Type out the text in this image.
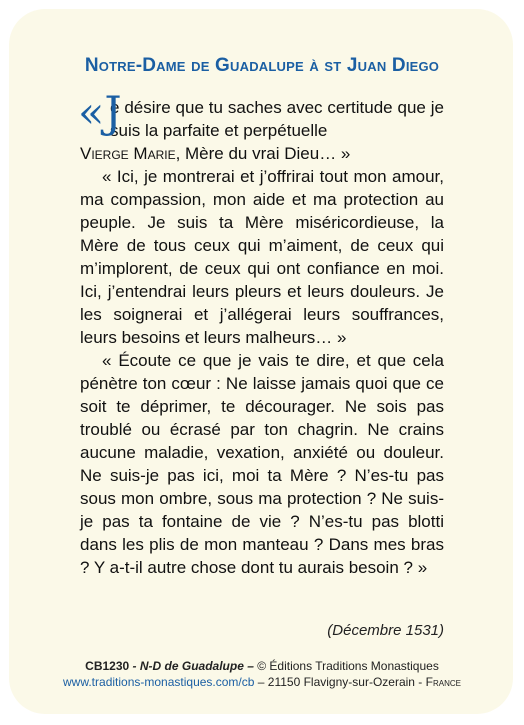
Notre-Dame de Guadalupe à st Juan Diego

«J
e désire que tu saches avec certitude que je suis la parfaite et perpétuelle
Vierge Marie, Mère du vrai Dieu… »

« Ici, je montrerai et j’offrirai tout mon amour, ma compassion, mon aide et ma protection au peuple. Je suis ta Mère miséricordieuse, la Mère de tous ceux qui m’aiment, de ceux qui m’implorent, de ceux qui ont confiance en moi. Ici, j’entendrai leurs pleurs et leurs douleurs. Je les soignerai et j’allégerai leurs souffrances, leurs besoins et leurs malheurs… »

« Écoute ce que je vais te dire, et que cela pénètre ton cœur : Ne laisse jamais quoi que ce soit te déprimer, te décourager. Ne sois pas troublé ou écrasé par ton chagrin. Ne crains aucune maladie, vexation, anxiété ou douleur. Ne suis-je pas ici, moi ta Mère ? N’es-tu pas sous mon ombre, sous ma protection ? Ne suis-je pas ta fontaine de vie ? N’es-tu pas blotti dans les plis de mon manteau ? Dans mes bras ? Y a-t-il autre chose dont tu aurais besoin ? »

(Décembre 1531)
CB1230 - N-D de Guadalupe – © Éditions Traditions Monastiques
www.traditions-monastiques.com/cb – 21150 Flavigny-sur-Ozerain - France
